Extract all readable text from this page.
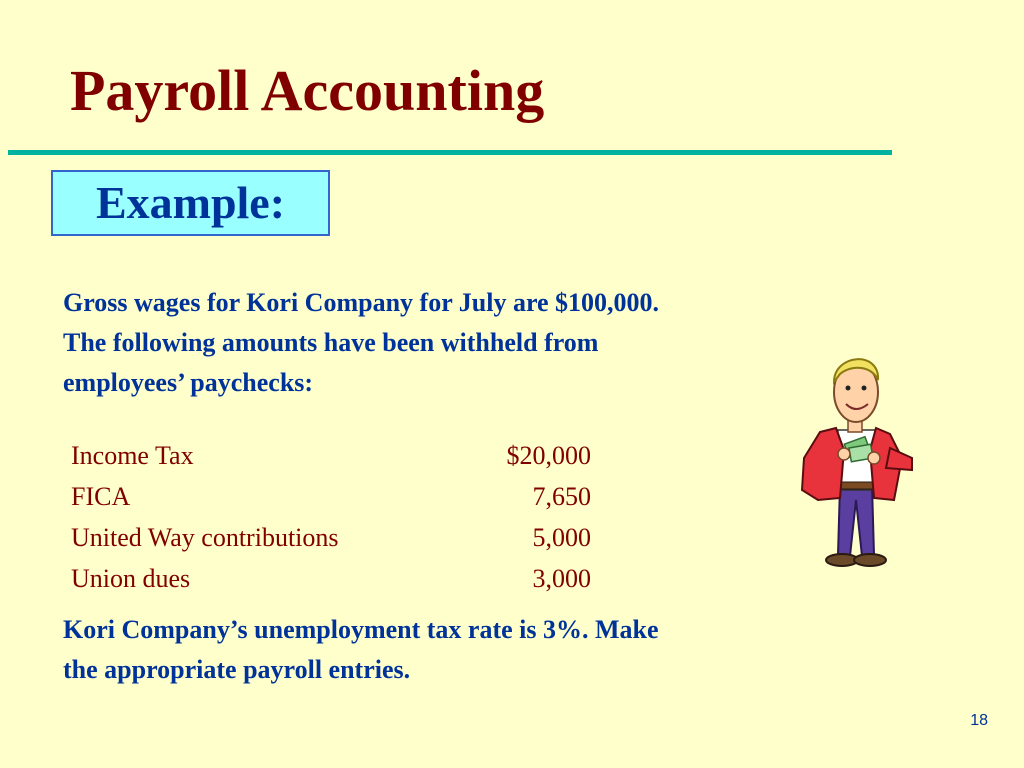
Payroll Accounting
Example:

Gross wages for Kori Company for July are $100,000.

The following amounts have been withheld from

employees’ paychecks:

Income Tax	$20,000
FICA	7,650
United Way contributions	5,000
Union dues	3,000

Kori Company’s unemployment tax rate is 3%. Make

the appropriate payroll entries.

18
